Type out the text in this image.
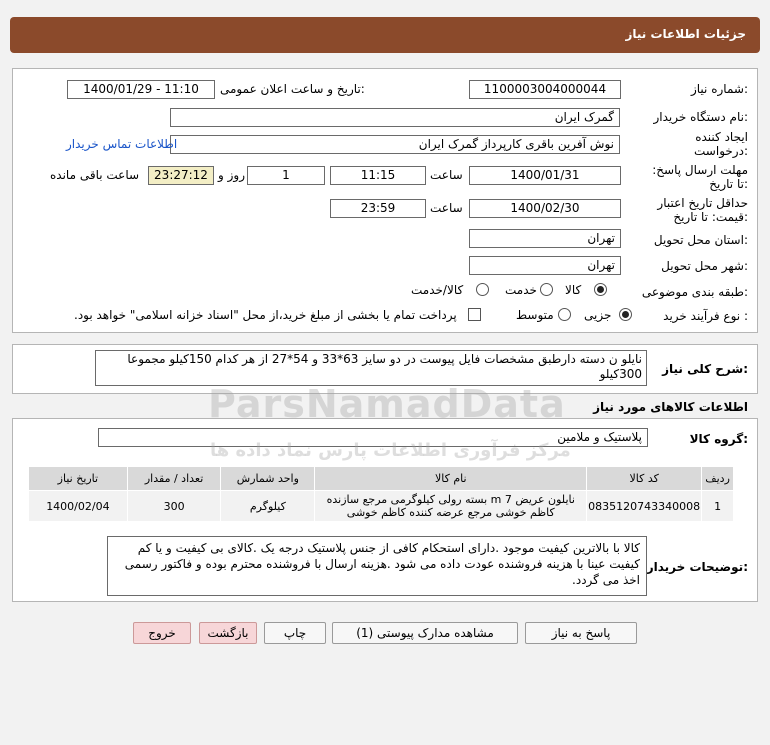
جزئیات اطلاعات نیاز
شماره نیاز:
1100003004000044
تاریخ و ساعت اعلان عمومی:
1400/01/29 - 11:10
نام دستگاه خریدار:
گمرک ایران
ایجاد کننده درخواست:
نوش آفرین باقری کارپرداز گمرک ایران
اطلاعات تماس خریدار
مهلت ارسال پاسخ: تا تاریخ:
1400/01/31
ساعت
11:15
1
روز و
23:27:12
ساعت باقی مانده
حداقل تاریخ اعتبار قیمت: تا تاریخ:
1400/02/30
ساعت
23:59
استان محل تحویل:
تهران
شهر محل تحویل:
تهران
طبقه بندی موضوعی:
کالا
خدمت
کالا/خدمت
نوع فرآیند خرید :
جزیی
متوسط
پرداخت تمام یا بخشی از مبلغ خرید،از محل "اسناد خزانه اسلامی" خواهد بود.
شرح کلی نیاز:
نایلو ن دسته دارطبق مشخصات فایل پیوست در دو سایز 63*33 و 54*27 از هر کدام 150کیلو مجموعا 300کیلو
اطلاعات کالاهای مورد نیاز
گروه کالا:
پلاستیک و ملامین
ردیف	کد کالا	نام کالا	واحد شمارش	تعداد / مقدار	تاریخ نیاز
1	0835120743340008	نایلون عریض 7 m بسته رولی کیلوگرمی مرجع سازنده کاظم خوشی مرجع عرضه کننده کاظم خوشی	کیلوگرم	300	1400/02/04
توضیحات خریدار:
کالا با بالاترین کیفیت موجود .دارای استحکام کافی از جنس پلاستیک درجه یک .کالای بی کیفیت و یا کم کیفیت عینا با هزینه فروشنده عودت داده می شود .هزینه ارسال با فروشنده محترم بوده و فاکتور رسمی اخذ می گردد.
پاسخ به نیاز
مشاهده مدارک پیوستی (1)
چاپ
بازگشت
خروج
ParsNamadData
مرکز فرآوری اطلاعات پارس نماد داده ها
